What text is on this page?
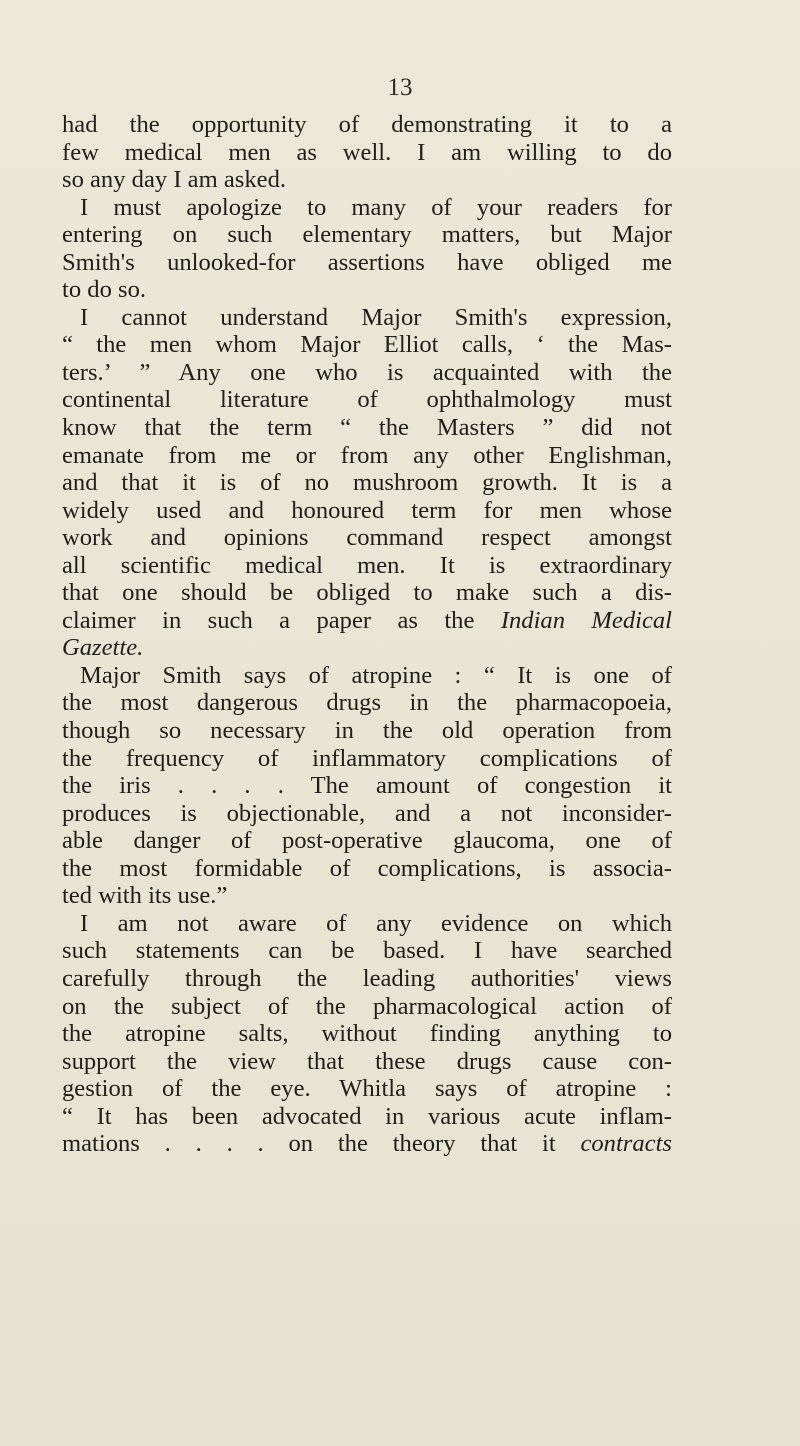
13
had the opportunity of demonstrating it to a
few medical men as well. I am willing to do
so any day I am asked.
I must apologize to many of your readers for
entering on such elementary matters, but Major
Smith's unlooked-for assertions have obliged me
to do so.
I cannot understand Major Smith's expression,
“ the men whom Major Elliot calls, ‘ the Mas-
ters.’ ” Any one who is acquainted with the
continental literature of ophthalmology must
know that the term “ the Masters ” did not
emanate from me or from any other Englishman,
and that it is of no mushroom growth. It is a
widely used and honoured term for men whose
work and opinions command respect amongst
all scientific medical men. It is extraordinary
that one should be obliged to make such a dis-
claimer in such a paper as the Indian Medical
Gazette.
Major Smith says of atropine : “ It is one of
the most dangerous drugs in the pharmacopoeia,
though so necessary in the old operation from
the frequency of inflammatory complications of
the iris . . . . The amount of congestion it
produces is objectionable, and a not inconsider-
able danger of post-operative glaucoma, one of
the most formidable of complications, is associa-
ted with its use.”
I am not aware of any evidence on which
such statements can be based. I have searched
carefully through the leading authorities' views
on the subject of the pharmacological action of
the atropine salts, without finding anything to
support the view that these drugs cause con-
gestion of the eye. Whitla says of atropine :
“ It has been advocated in various acute inflam-
mations . . . . on the theory that it contracts
